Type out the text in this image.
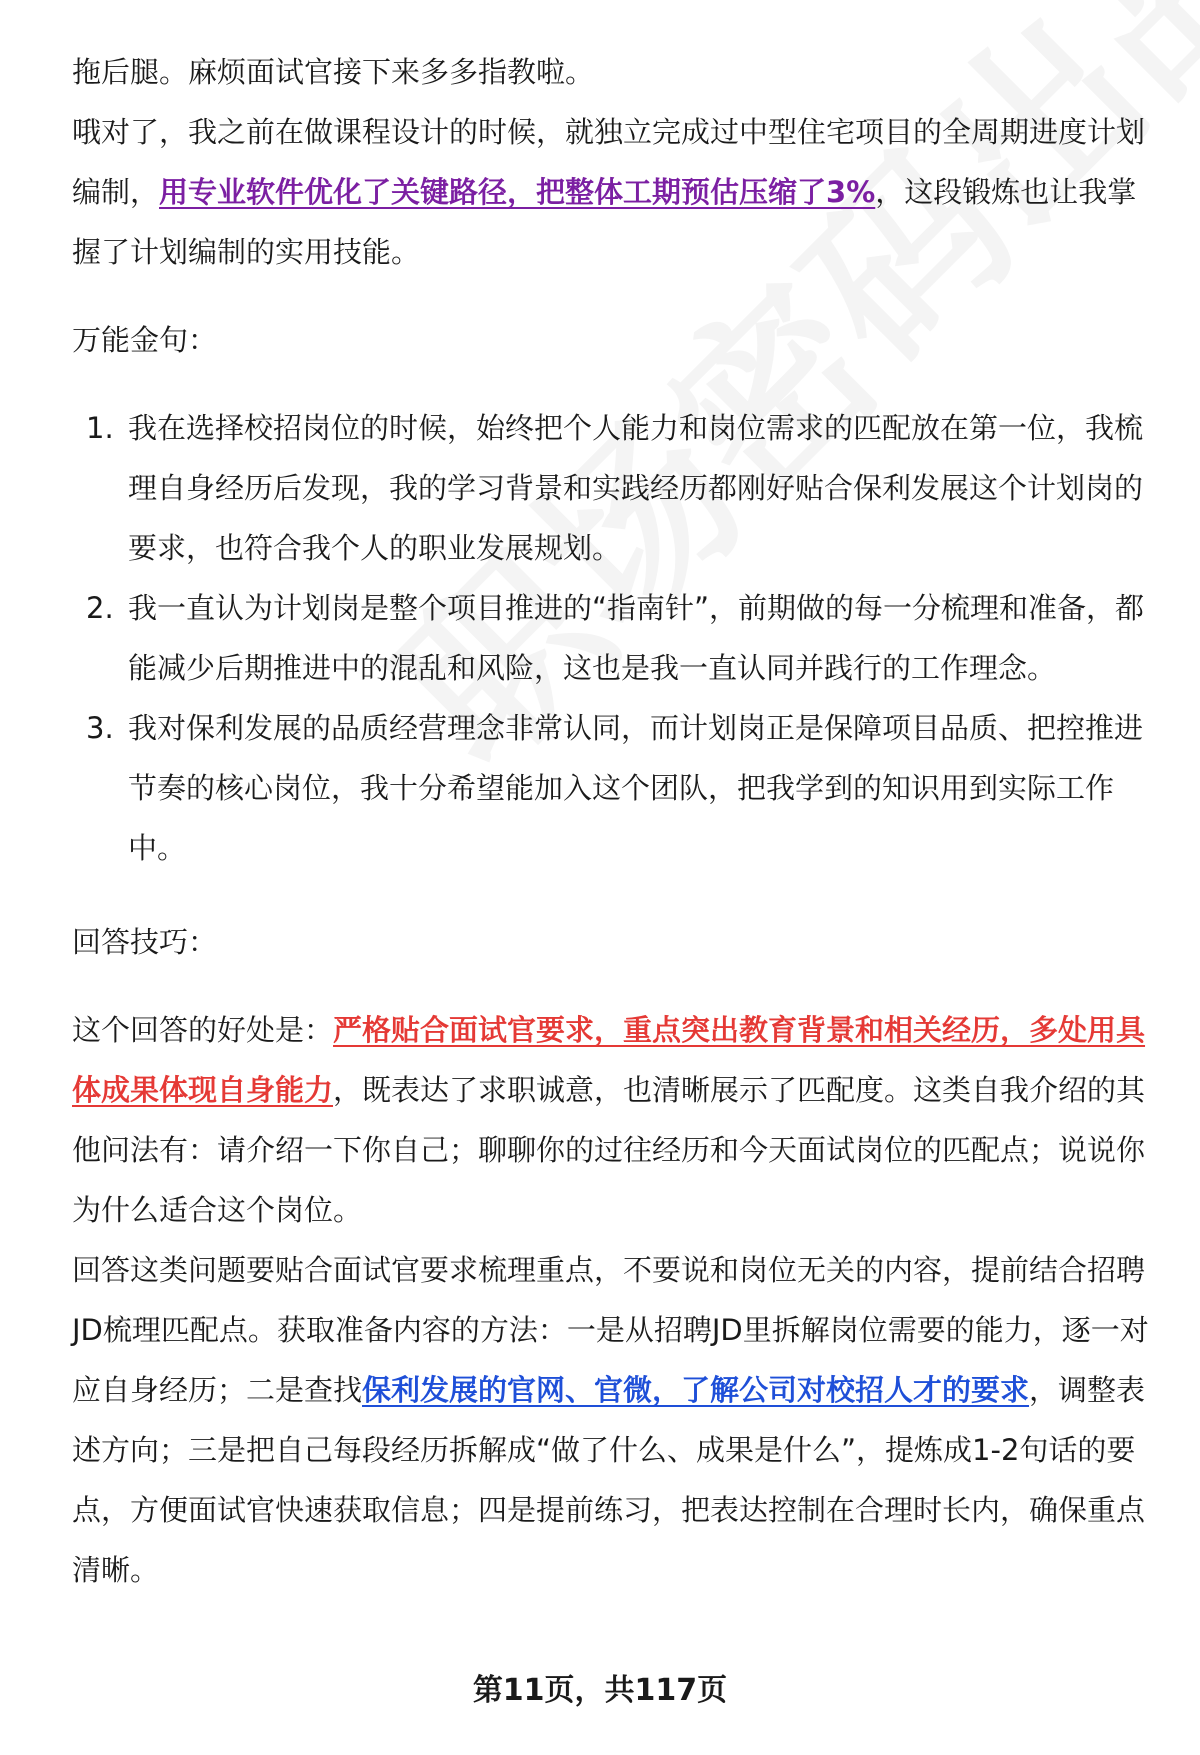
拖后腿。麻烦面试官接下来多多指教啦。

哦对了，我之前在做课程设计的时候，就独立完成过中型住宅项目的全周期进度计划编制，用专业软件优化了关键路径，把整体工期预估压缩了3%，这段锻炼也让我掌握了计划编制的实用技能。

万能金句：

1. 我在选择校招岗位的时候，始终把个人能力和岗位需求的匹配放在第一位，我梳理自身经历后发现，我的学习背景和实践经历都刚好贴合保利发展这个计划岗的要求，也符合我个人的职业发展规划。
2. 我一直认为计划岗是整个项目推进的“指南针”，前期做的每一分梳理和准备，都能减少后期推进中的混乱和风险，这也是我一直认同并践行的工作理念。
3. 我对保利发展的品质经营理念非常认同，而计划岗正是保障项目品质、把控推进节奏的核心岗位，我十分希望能加入这个团队，把我学到的知识用到实际工作中。

回答技巧：

这个回答的好处是：严格贴合面试官要求，重点突出教育背景和相关经历，多处用具体成果体现自身能力，既表达了求职诚意，也清晰展示了匹配度。这类自我介绍的其他问法有：请介绍一下你自己；聊聊你的过往经历和今天面试岗位的匹配点；说说你为什么适合这个岗位。

回答这类问题要贴合面试官要求梳理重点，不要说和岗位无关的内容，提前结合招聘JD梳理匹配点。获取准备内容的方法：一是从招聘JD里拆解岗位需要的能力，逐一对应自身经历；二是查找保利发展的官网、官微，了解公司对校招人才的要求，调整表述方向；三是把自己每段经历拆解成“做了什么、成果是什么”，提炼成1-2句话的要点，方便面试官快速获取信息；四是提前练习，把表达控制在合理时长内，确保重点清晰。

第11页，共117页
